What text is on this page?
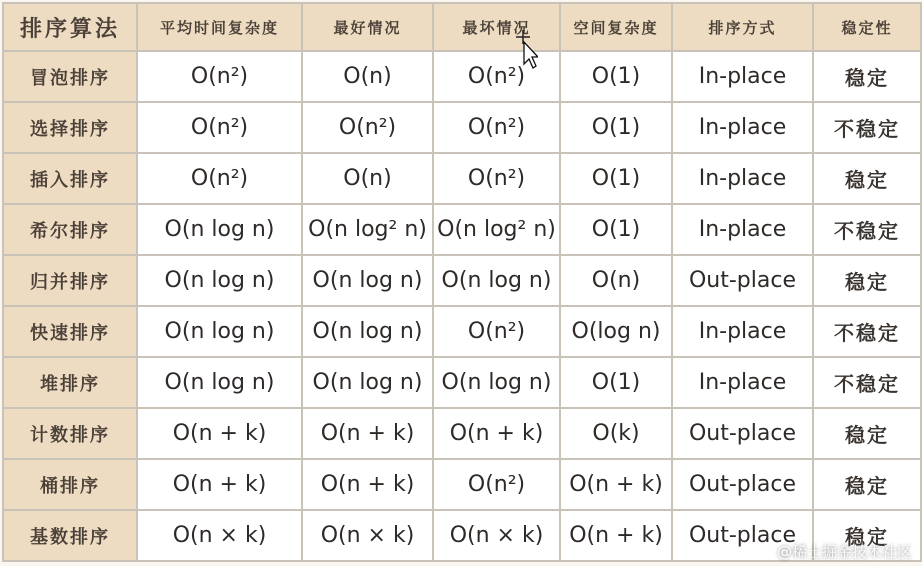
排序算法	平均时间复杂度	最好情况	最坏情况	空间复杂度	排序方式	稳定性
冒泡排序	O(n²)	O(n)	O(n²)	O(1)	In-place	稳定
选择排序	O(n²)	O(n²)	O(n²)	O(1)	In-place	不稳定
插入排序	O(n²)	O(n)	O(n²)	O(1)	In-place	稳定
希尔排序	O(n log n)	O(n log² n)	O(n log² n)	O(1)	In-place	不稳定
归并排序	O(n log n)	O(n log n)	O(n log n)	O(n)	Out-place	稳定
快速排序	O(n log n)	O(n log n)	O(n²)	O(log n)	In-place	不稳定
堆排序	O(n log n)	O(n log n)	O(n log n)	O(1)	In-place	不稳定
计数排序	O(n + k)	O(n + k)	O(n + k)	O(k)	Out-place	稳定
桶排序	O(n + k)	O(n + k)	O(n²)	O(n + k)	Out-place	稳定
基数排序	O(n × k)	O(n × k)	O(n × k)	O(n + k)	Out-place	稳定
@稀土掘金技术社区
